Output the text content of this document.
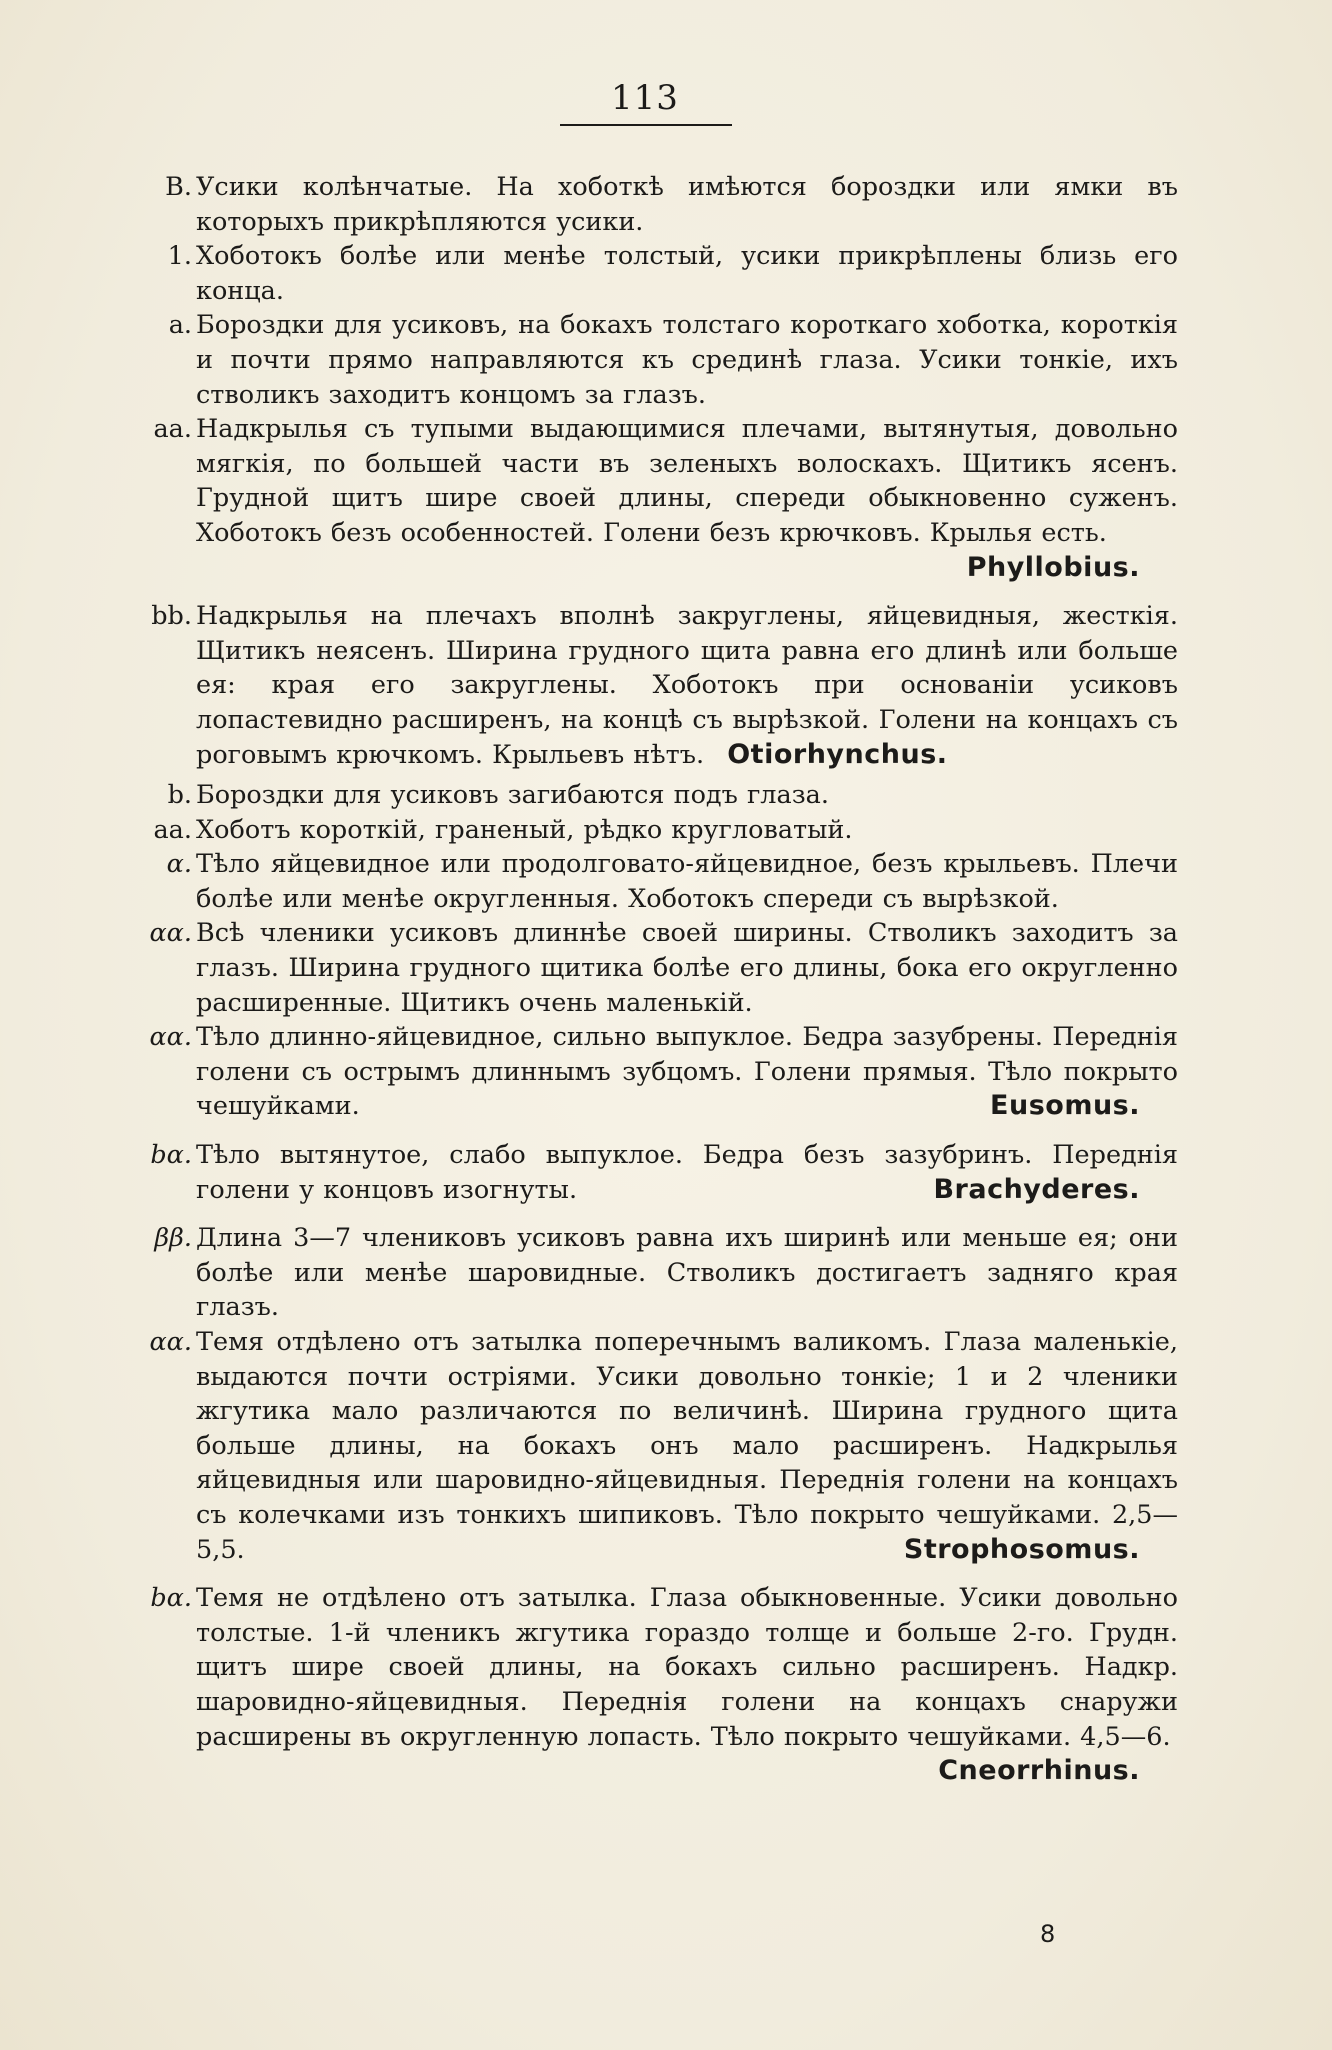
113
B. Усики колѣнчатые. На хоботкѣ имѣются бороздки или ямки въ которыхъ прикрѣпляются усики.
1. Хоботокъ болѣе или менѣе толстый, усики прикрѣплены близь его конца.
a. Бороздки для усиковъ, на бокахъ толстаго короткаго хоботка, короткія и почти прямо направляются къ срединѣ глаза. Усики тонкіе, ихъ стволикъ заходитъ концомъ за глазъ.
aa. Надкрылья съ тупыми выдающимися плечами, вытянутыя, довольно мягкія, по большей части въ зеленыхъ волоскахъ. Щитикъ ясенъ. Грудной щитъ шире своей длины, спереди обыкновенно суженъ. Хоботокъ безъ особенностей. Голени безъ крючковъ. Крылья есть.
Phyllobius.
bb. Надкрылья на плечахъ вполнѣ закруглены, яйцевидныя, жесткія. Щитикъ неясенъ. Ширина грудного щита равна его длинѣ или больше ея: края его закруглены. Хоботокъ при основаніи усиковъ лопастевидно расширенъ, на концѣ съ вырѣзкой. Голени на концахъ съ роговымъ крючкомъ. Крыльевъ нѣтъ. Otiorhynchus.
b. Бороздки для усиковъ загибаются подъ глаза.
aa. Хоботъ короткій, граненый, рѣдко кругловатый.
α. Тѣло яйцевидное или продолговато-яйцевидное, безъ крыльевъ. Плечи болѣе или менѣе округленныя. Хоботокъ спереди съ вырѣзкой.
αα. Всѣ членики усиковъ длиннѣе своей ширины. Стволикъ заходитъ за глазъ. Ширина грудного щитика болѣе его длины, бока его округленно расширенные. Щитикъ очень маленькій.
αα. Тѣло длинно-яйцевидное, сильно выпуклое. Бедра зазубрены. Переднія голени съ острымъ длиннымъ зубцомъ. Голени прямыя. Тѣло покрыто чешуйками.	Eusomus.
bα. Тѣло вытянутое, слабо выпуклое. Бедра безъ зазубринъ. Переднія голени у концовъ изогнуты.	Brachyderes.
ββ. Длина 3—7 члениковъ усиковъ равна ихъ ширинѣ или меньше ея; они болѣе или менѣе шаровидные. Стволикъ достигаетъ задняго края глазъ.
αα. Темя отдѣлено отъ затылка поперечнымъ валикомъ. Глаза маленькіе, выдаются почти остріями. Усики довольно тонкіе; 1 и 2 членики жгутика мало различаются по величинѣ. Ширина грудного щита больше длины, на бокахъ онъ мало расширенъ. Надкрылья яйцевидныя или шаровидно-яйцевидныя. Переднія голени на концахъ съ колечками изъ тонкихъ шипиковъ. Тѣло покрыто чешуйками. 2,5—5,5.	Strophosomus.
bα. Темя не отдѣлено отъ затылка. Глаза обыкновенные. Усики довольно толстые. 1-й членикъ жгутика гораздо толще и больше 2-го. Грудн. щитъ шире своей длины, на бокахъ сильно расширенъ. Надкр. шаровидно-яйцевидныя. Переднія голени на концахъ снаружи расширены въ округленную лопасть. Тѣло покрыто чешуйками. 4,5—6.
Cneorrhinus.
8
